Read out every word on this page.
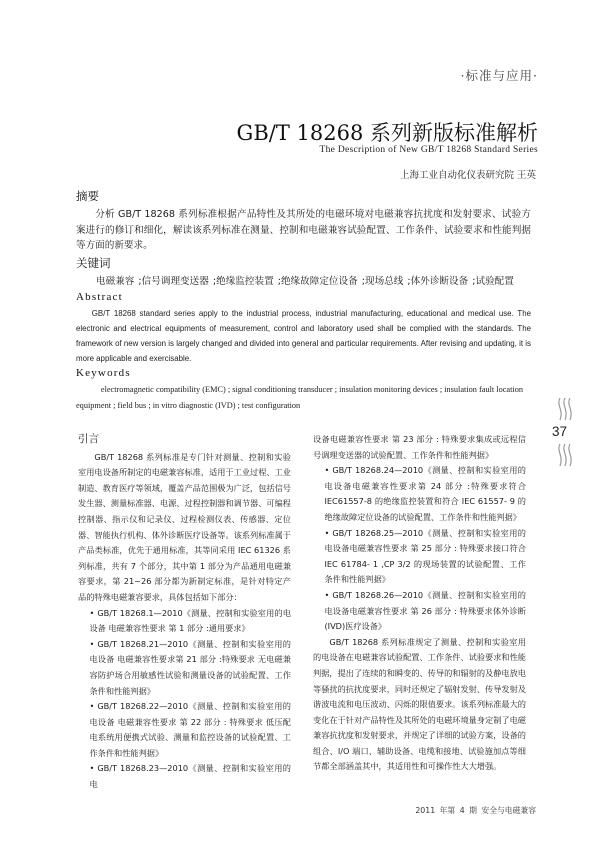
·标准与应用·
GB/T 18268 系列新版标准解析
The Description of New GB/T 18268 Standard Series
上海工业自动化仪表研究院 王英
摘要

分析 GB/T 18268 系列标准根据产品特性及其所处的电磁环境对电磁兼容抗扰度和发射要求、试验方案进行的修订和细化，解读该系列标准在测量、控制和电磁兼容试验配置、工作条件、试验要求和性能判据等方面的新要求。

关键词

电磁兼容 ;信号调理变送器 ;绝缘监控装置 ;绝缘故障定位设备 ;现场总线 ;体外诊断设备 ;试验配置

Abstract

GB/T 18268 standard series apply to the industrial process, industrial manufacturing, educational and medical use. The electronic and electrical equipments of measurement, control and laboratory used shall be complied with the standards. The framework of new version is largely changed and divided into general and particular requirements. After revising and updating, it is more applicable and exercisable.

Keywords

electromagnetic compatibility (EMC) ; signal conditioning transducer ; insulation monitoring devices ; insulation fault location equipment ; field bus ; in vitro diagnostic (IVD) ; test configuration

37
引言

GB/T 18268 系列标准是专门针对测量、控制和实验室用电设备所制定的电磁兼容标准，适用于工业过程、工业制造、教育医疗等领域，覆盖产品范围极为广泛，包括信号发生器、测量标准器、电源、过程控制器和调节器、可编程控制器、指示仪和记录仪、过程检测仪表、传感器、定位器、智能执行机构、体外诊断医疗设备等。该系列标准属于产品类标准，优先于通用标准，其等同采用 IEC 61326 系列标准，共有 7 个部分，其中第 1 部分为产品通用电磁兼容要求，第 21~26 部分都为新制定标准，是针对特定产品的特殊电磁兼容要求，具体包括如下部分：

• GB/T 18268.1—2010《测量、控制和实验室用的电设备 电磁兼容性要求 第 1 部分 :通用要求》

• GB/T 18268.21—2010《测量、控制和实验室用的电设备 电磁兼容性要求第 21 部分 :特殊要求 无电磁兼容防护场合用敏感性试验和测量设备的试验配置、工作条件和性能判据》

• GB/T 18268.22—2010《测量、控制和实验室用的电设备 电磁兼容性要求 第 22 部分 : 特殊要求 低压配电系统用便携式试验、测量和监控设备的试验配置、工作条件和性能判据》

• GB/T 18268.23—2010《测量、控制和实验室用的电

设备电磁兼容性要求 第 23 部分 : 特殊要求集成或远程信号调理变送器的试验配置、工作条件和性能判据》

• GB/T 18268.24—2010《测量、控制和实验室用的电设备电磁兼容性要求第 24 部分 :特殊要求符合 IEC61557-8 的绝缘监控装置和符合 IEC 61557- 9 的绝缘故障定位设备的试验配置、工作条件和性能判据》

• GB/T 18268.25—2010《测量、控制和实验室用的电设备电磁兼容性要求 第 25 部分 : 特殊要求接口符合 IEC 61784- 1 ,CP 3/2 的现场装置的试验配置、工作条件和性能判据》

• GB/T 18268.26—2010《测量、控制和实验室用的电设备电磁兼容性要求 第 26 部分 : 特殊要求体外诊断(IVD)医疗设备》

GB/T 18268 系列标准规定了测量、控制和实验室用的电设备在电磁兼容试验配置、工作条件、试验要求和性能判据，提出了连续的和瞬变的、传导的和辐射的及静电放电等骚扰的抗扰度要求，同时还规定了辐射发射、传导发射及谐波电流和电压波动、闪烁的限值要求。该系列标准最大的变化在于针对产品特性及其所处的电磁环境量身定制了电磁兼容抗扰度和发射要求，并规定了详细的试验方案，设备的组合、I/O 端口、辅助设备、电缆和接地、试验施加点等细节都全部涵盖其中，其适用性和可操作性大大增强。

2011 年第 4 期 安全与电磁兼容
